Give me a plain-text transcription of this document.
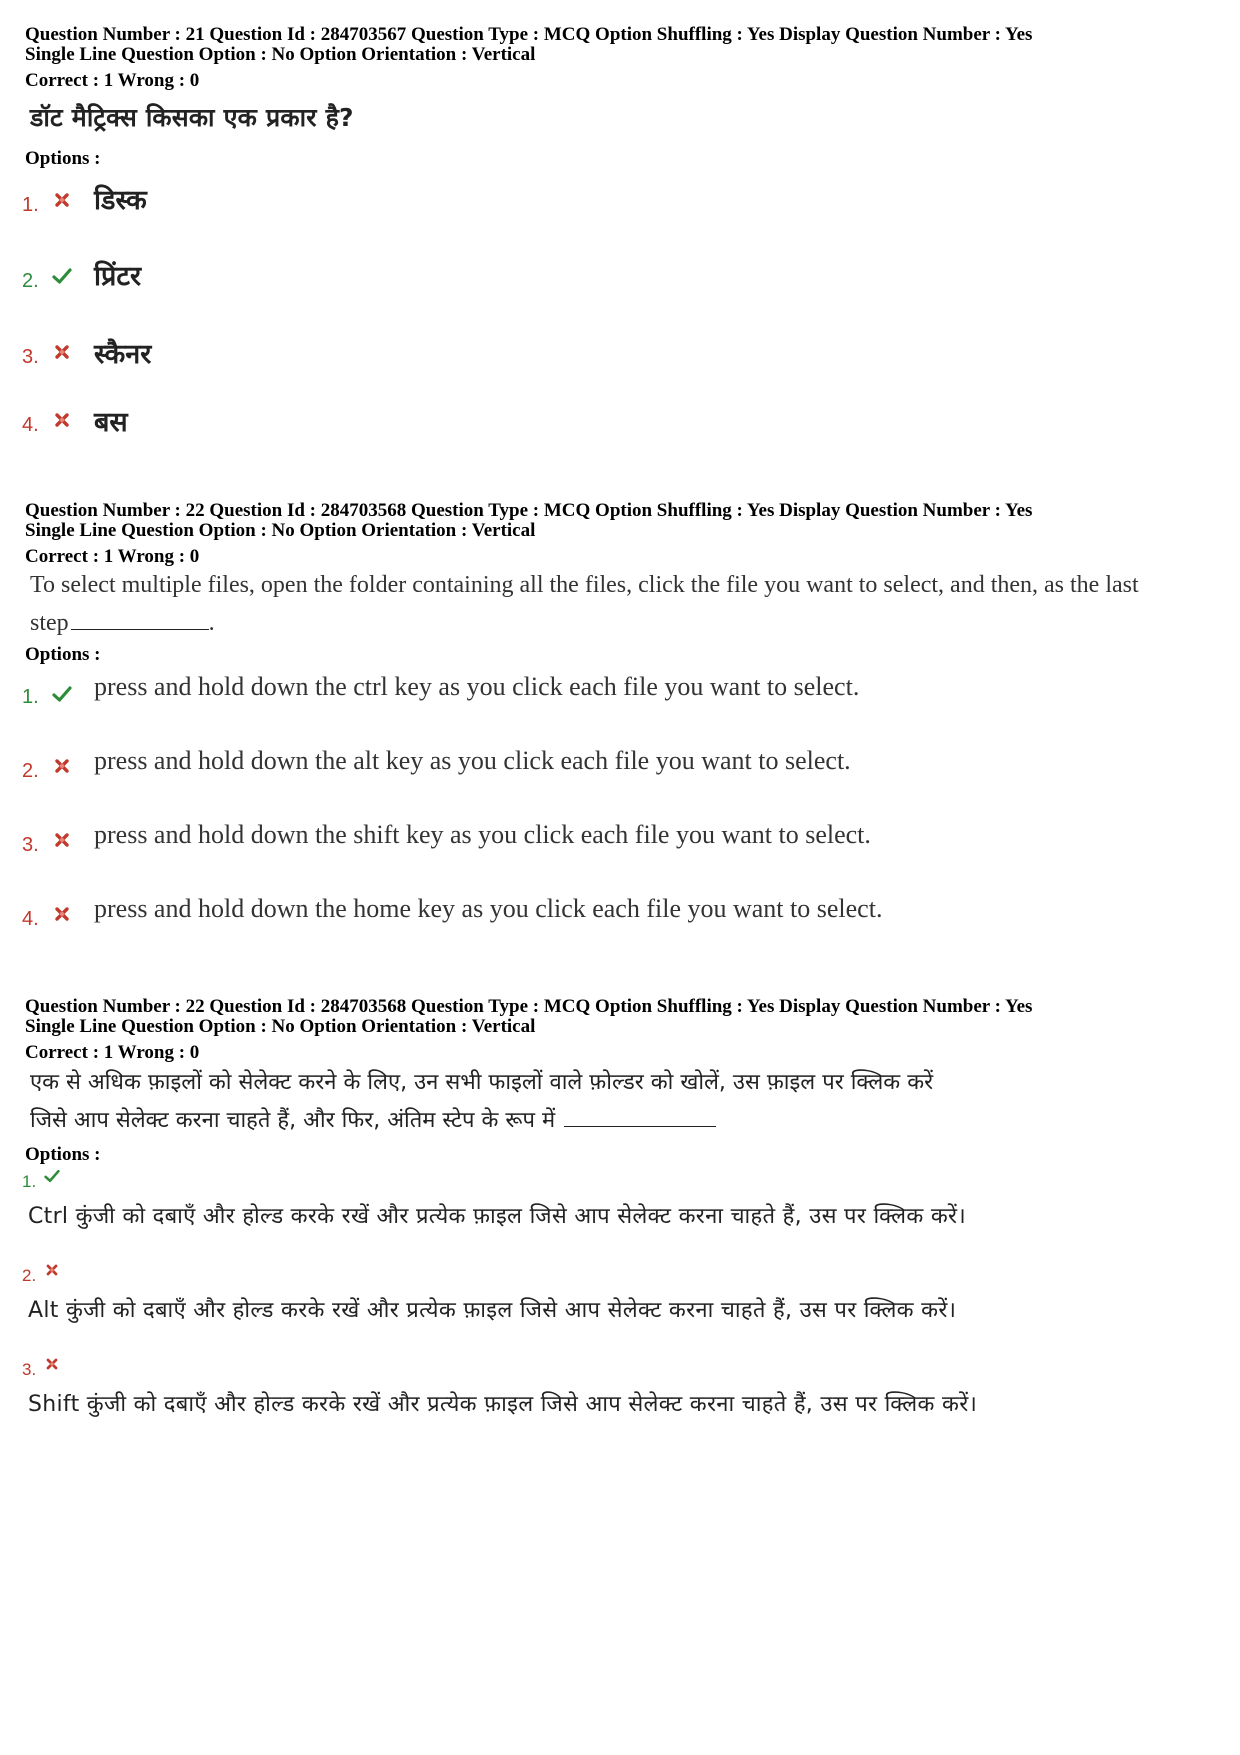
Question Number : 21 Question Id : 284703567 Question Type : MCQ Option Shuffling : Yes Display Question Number : Yes
Single Line Question Option : No Option Orientation : Vertical
Correct : 1 Wrong : 0
डॉट मैट्रिक्स किसका एक प्रकार है?
Options :
1. डिस्क
2. प्रिंटर
3. स्कैनर
4. बस
Question Number : 22 Question Id : 284703568 Question Type : MCQ Option Shuffling : Yes Display Question Number : Yes
Single Line Question Option : No Option Orientation : Vertical
Correct : 1 Wrong : 0
To select multiple files, open the folder containing all the files, click the file you want to select, and then, as the last
step	.
Options :
1. press and hold down the ctrl key as you click each file you want to select.
2. press and hold down the alt key as you click each file you want to select.
3. press and hold down the shift key as you click each file you want to select.
4. press and hold down the home key as you click each file you want to select.
Question Number : 22 Question Id : 284703568 Question Type : MCQ Option Shuffling : Yes Display Question Number : Yes
Single Line Question Option : No Option Orientation : Vertical
Correct : 1 Wrong : 0
एक से अधिक फ़ाइलों को सेलेक्ट करने के लिए, उन सभी फाइलों वाले फ़ोल्डर को खोलें, उस फ़ाइल पर क्लिक करें
जिसे आप सेलेक्ट करना चाहते हैं, और फिर, अंतिम स्टेप के रूप में
Options :
1.
Ctrl कुंजी को दबाएँ और होल्ड करके रखें और प्रत्येक फ़ाइल जिसे आप सेलेक्ट करना चाहते हैं, उस पर क्लिक करें।
2.
Alt कुंजी को दबाएँ और होल्ड करके रखें और प्रत्येक फ़ाइल जिसे आप सेलेक्ट करना चाहते हैं, उस पर क्लिक करें।
3.
Shift कुंजी को दबाएँ और होल्ड करके रखें और प्रत्येक फ़ाइल जिसे आप सेलेक्ट करना चाहते हैं, उस पर क्लिक करें।
